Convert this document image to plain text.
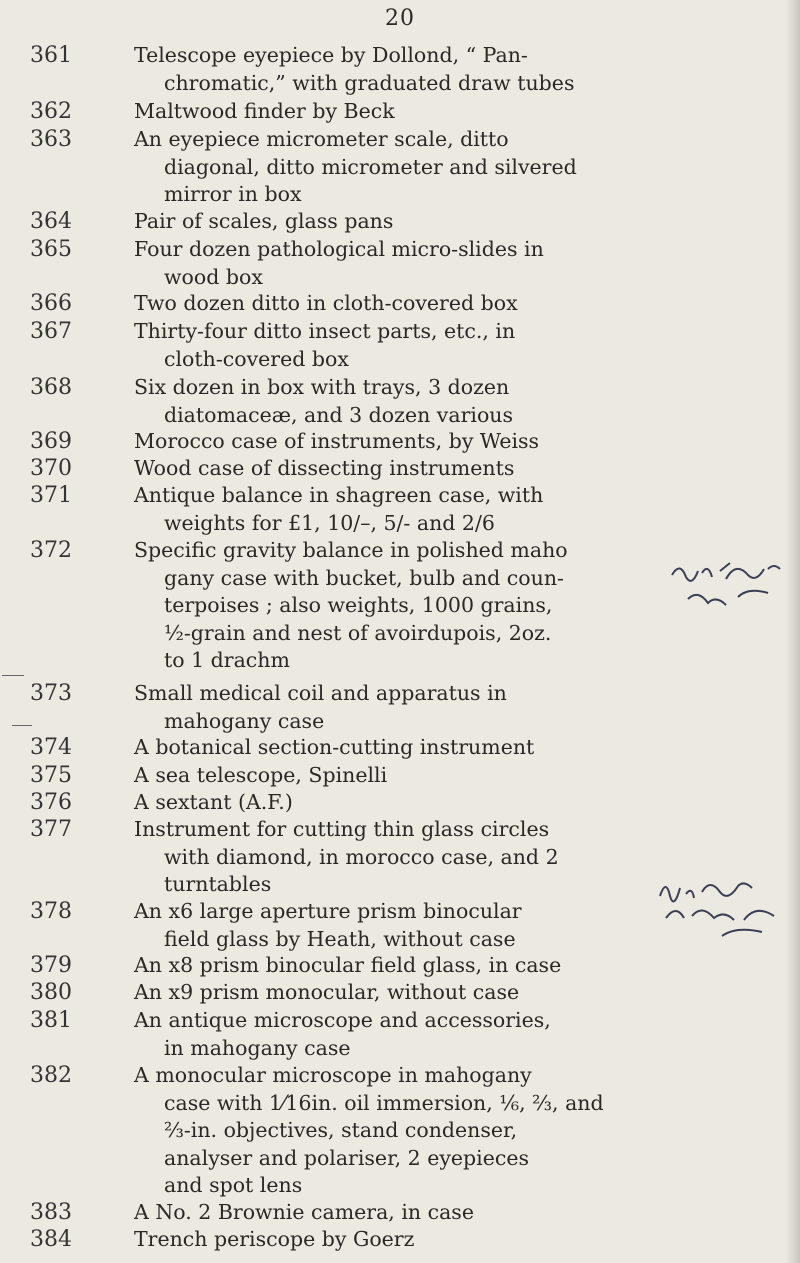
20
361	Telescope eyepiece by Dollond, “ Pan-
chromatic,” with graduated draw tubes
362	Maltwood finder by Beck
363	An eyepiece micrometer scale, ditto
diagonal, ditto micrometer and silvered
mirror in box
364	Pair of scales, glass pans
365	Four dozen pathological micro-slides in
wood box
366	Two dozen ditto in cloth-covered box
367	Thirty-four ditto insect parts, etc., in
cloth-covered box
368	Six dozen in box with trays, 3 dozen
diatomaceæ, and 3 dozen various
369	Morocco case of instruments, by Weiss
370	Wood case of dissecting instruments
371	Antique balance in shagreen case, with
weights for £1, 10/–, 5/- and 2/6
372	Specific gravity balance in polished maho
gany case with bucket, bulb and coun-
terpoises ; also weights, 1000 grains,
½-grain and nest of avoirdupois, 2oz.
to 1 drachm
373	Small medical coil and apparatus in
mahogany case
374	A botanical section-cutting instrument
375	A sea telescope, Spinelli
376	A sextant (A.F.)
377	Instrument for cutting thin glass circles
with diamond, in morocco case, and 2
turntables
378	An x6 large aperture prism binocular
field glass by Heath, without case
379	An x8 prism binocular field glass, in case
380	An x9 prism monocular, without case
381	An antique microscope and accessories,
in mahogany case
382	A monocular microscope in mahogany
case with 1⁄16in. oil immersion, ⅙, ⅔, and
⅔-in. objectives, stand condenser,
analyser and polariser, 2 eyepieces
and spot lens
383	A No. 2 Brownie camera, in case
384	Trench periscope by Goerz
